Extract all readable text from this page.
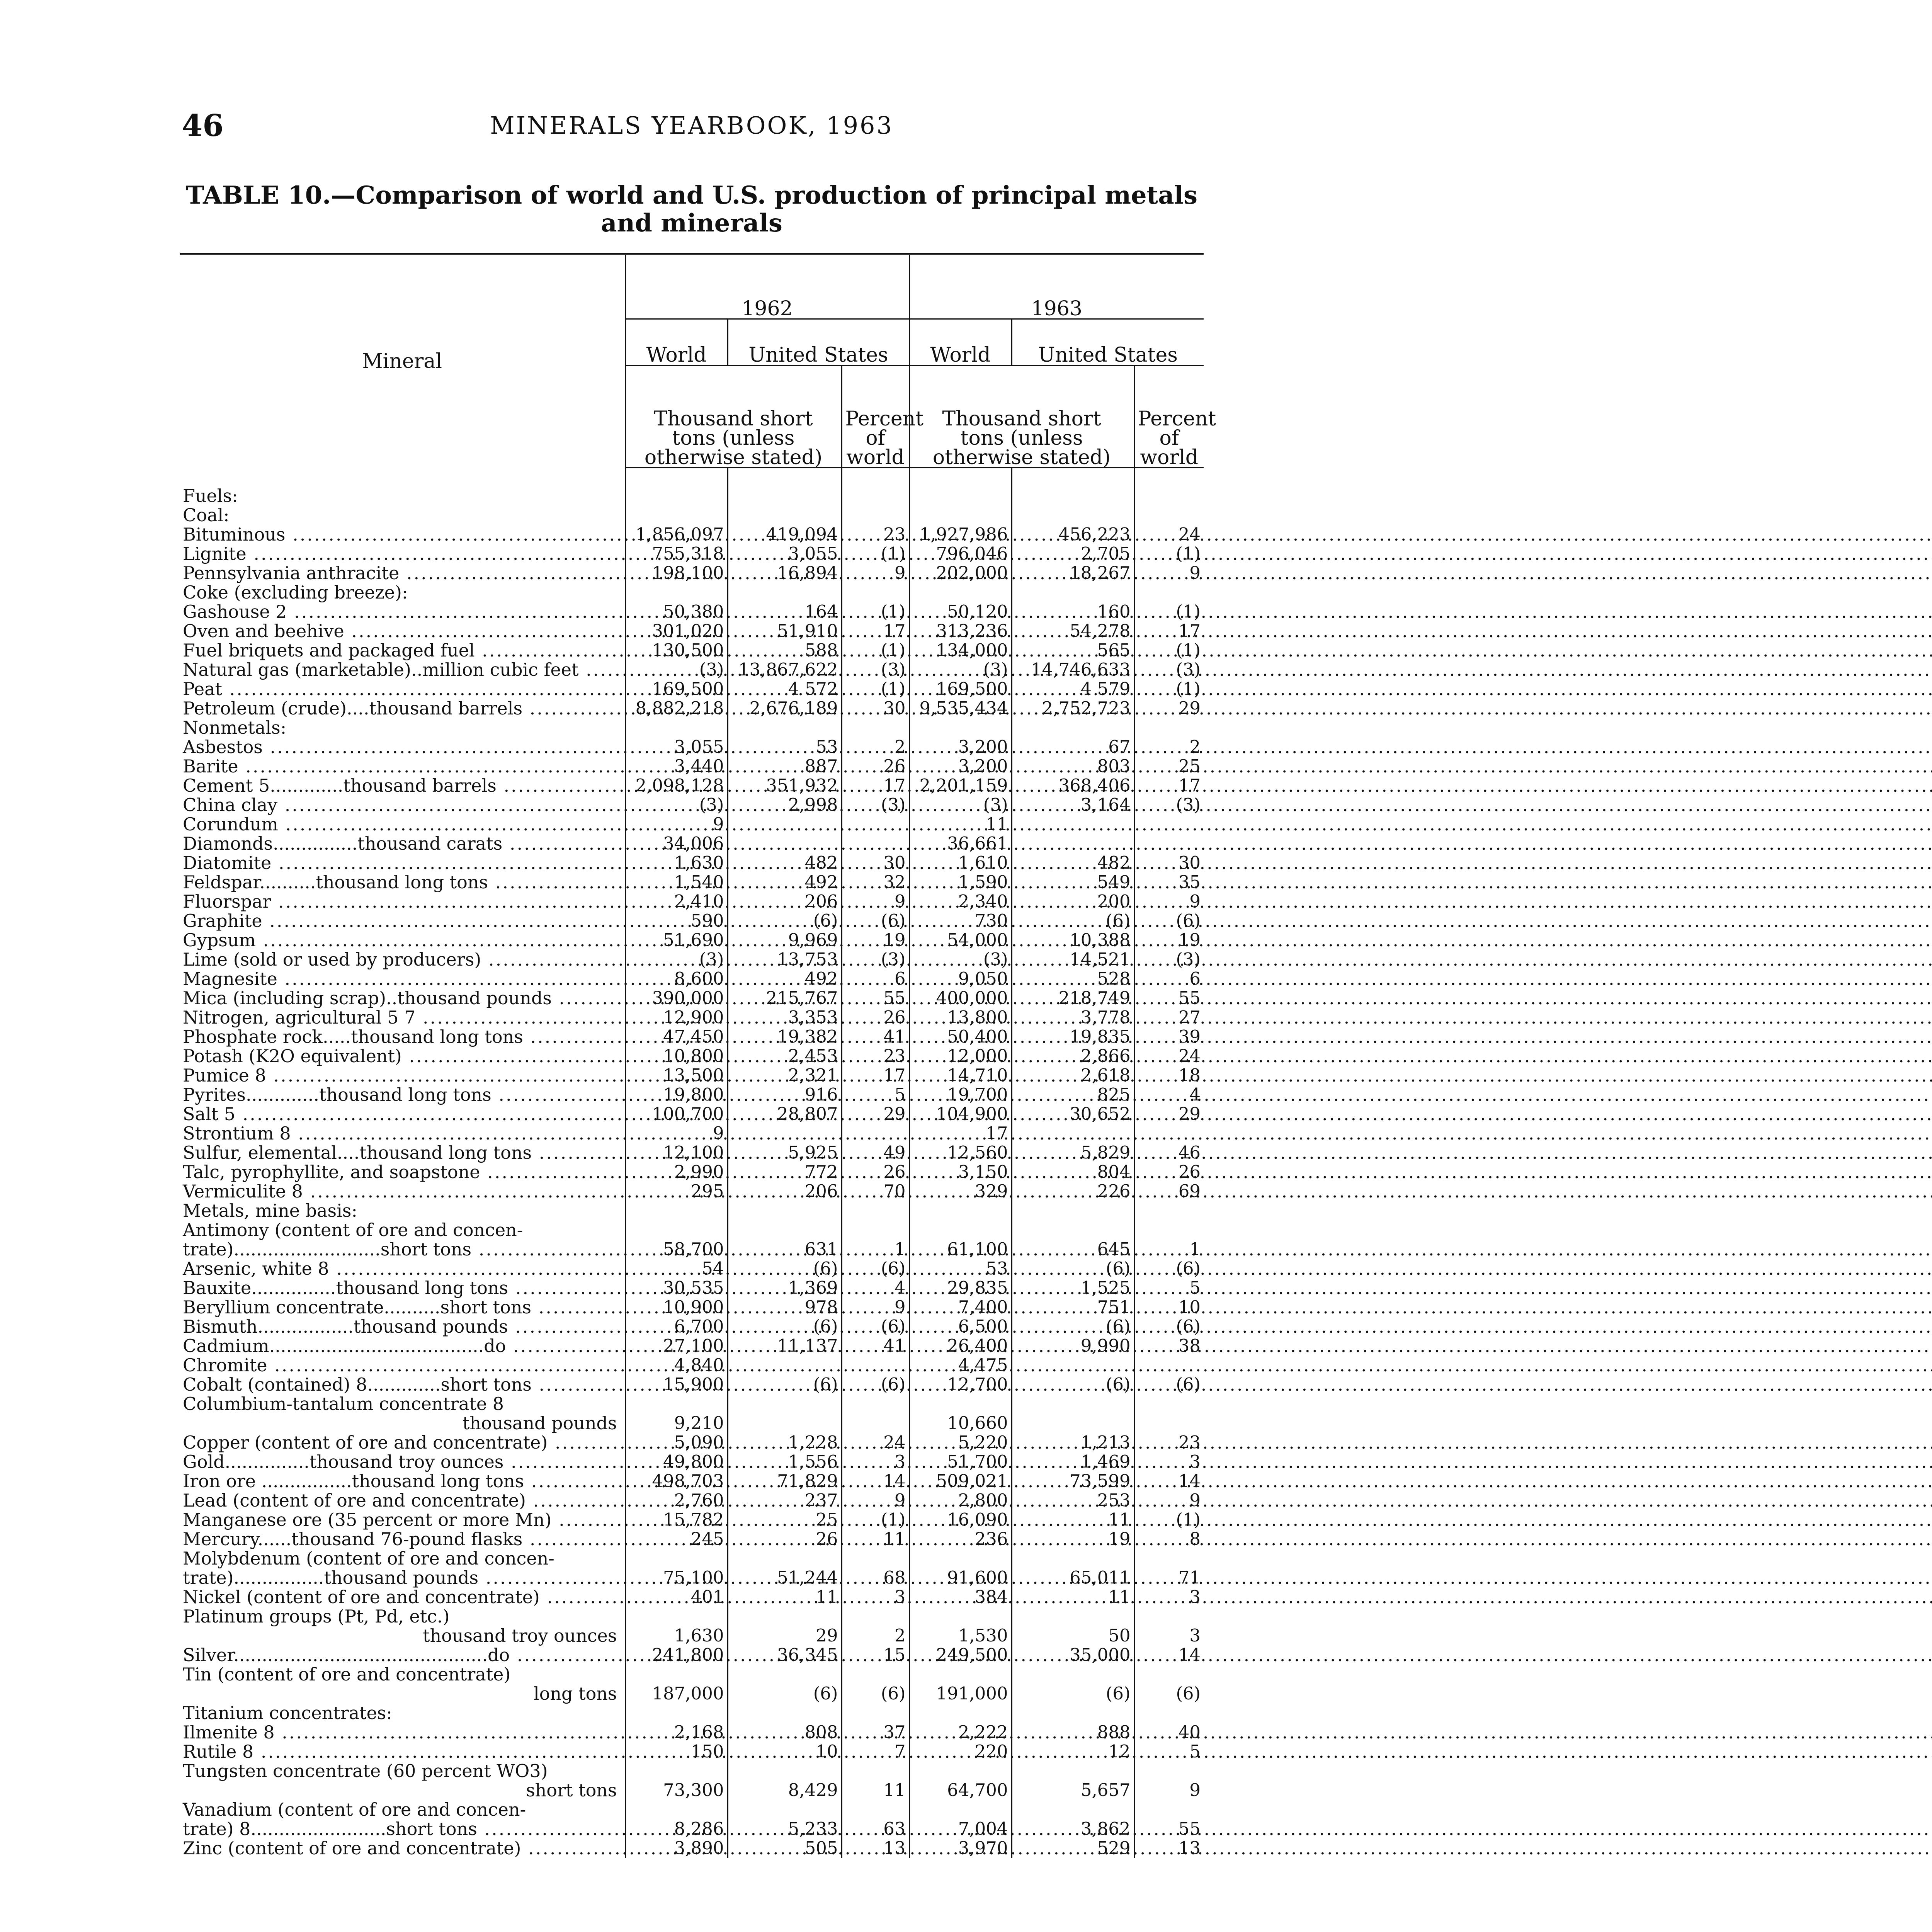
46	MINERALS YEARBOOK, 1963
TABLE 10.—Comparison of world and U.S. production of principal metals and minerals
Mineral	1962			1963		
	World	United States		World	United States	
	Thousand short tons (unless otherwise stated)		Percent of world	Thousand short tons (unless otherwise stated)		Percent of world

Fuels:						
Coal:						
Bituminous .....	1,856,097	419,094	23	1,927,986	456,223	24
Lignite .....	755,318	3,055	(1)	796,046	2,705	(1)
Pennsylvania anthracite .....	198,100	16,894	9	202,000	18,267	9
Coke (excluding breeze):						
Gashouse 2 .....	50,380	164	(1)	50,120	160	(1)
Oven and beehive .....	301,020	51,910	17	313,236	54,278	17
Fuel briquets and packaged fuel .....	130,500	588	(1)	134,000	565	(1)
Natural gas (marketable)..million cubic feet .....	(3)	13,867,622	(3)	(3)	14,746,633	(3)
Peat .....	169,500	4 572	(1)	169,500	4 579	(1)
Petroleum (crude)....thousand barrels .....	8,882,218	2,676,189	30	9,535,434	2,752,723	29
Nonmetals:						
Asbestos .....	3,055	53	2	3,200	67	2
Barite .....	3,440	887	26	3,200	803	25
Cement 5.............thousand barrels .....	2,098,128	351,932	17	2,201,159	368,406	17
China clay .....	(3)	2,998	(3)	(3)	3,164	(3)
Corundum .....	9			11		
Diamonds...............thousand carats .....	34,006			36,661		
Diatomite .....	1,630	482	30	1,610	482	30
Feldspar..........thousand long tons .....	1,540	492	32	1,590	549	35
Fluorspar .....	2,410	206	9	2,340	200	9
Graphite .....	590	(6)	(6)	730	(6)	(6)
Gypsum .....	51,690	9,969	19	54,000	10,388	19
Lime (sold or used by producers) .....	(3)	13,753	(3)	(3)	14,521	(3)
Magnesite .....	8,600	492	6	9,050	528	6
Mica (including scrap)..thousand pounds .....	390,000	215,767	55	400,000	218,749	55
Nitrogen, agricultural 5 7 .....	12,900	3,353	26	13,800	3,778	27
Phosphate rock.....thousand long tons .....	47,450	19,382	41	50,400	19,835	39
Potash (K2O equivalent) .....	10,800	2,453	23	12,000	2,866	24
Pumice 8 .....	13,500	2,321	17	14,710	2,618	18
Pyrites.............thousand long tons .....	19,800	916	5	19,700	825	4
Salt 5 .....	100,700	28,807	29	104,900	30,652	29
Strontium 8 .....	9			17		
Sulfur, elemental....thousand long tons .....	12,100	5,925	49	12,560	5,829	46
Talc, pyrophyllite, and soapstone .....	2,990	772	26	3,150	804	26
Vermiculite 8 .....	295	206	70	329	226	69
Metals, mine basis:						
Antimony (content of ore and concen-						
trate)..........................short tons .....	58,700	631	1	61,100	645	1
Arsenic, white 8 .....	54	(6)	(6)	53	(6)	(6)
Bauxite...............thousand long tons .....	30,535	1,369	4	29,835	1,525	5
Beryllium concentrate..........short tons .....	10,900	978	9	7,400	751	10
Bismuth.................thousand pounds .....	6,700	(6)	(6)	6,500	(6)	(6)
Cadmium......................................do .....	27,100	11,137	41	26,400	9,990	38
Chromite .....	4,840			4,475		
Cobalt (contained) 8.............short tons .....	15,900	(6)	(6)	12,700	(6)	(6)
Columbium-tantalum concentrate 8						
thousand pounds	9,210			10,660		
Copper (content of ore and concentrate) .....	5,090	1,228	24	5,220	1,213	23
Gold...............thousand troy ounces .....	49,800	1,556	3	51,700	1,469	3
Iron ore ................thousand long tons .....	498,703	71,829	14	509,021	73,599	14
Lead (content of ore and concentrate) .....	2,760	237	9	2,800	253	9
Manganese ore (35 percent or more Mn) .....	15,782	25	(1)	16,090	11	(1)
Mercury......thousand 76-pound flasks .....	245	26	11	236	19	8
Molybdenum (content of ore and concen-						
trate)................thousand pounds .....	75,100	51,244	68	91,600	65,011	71
Nickel (content of ore and concentrate) .....	401	11	3	384	11	3
Platinum groups (Pt, Pd, etc.)						
thousand troy ounces	1,630	29	2	1,530	50	3
Silver.............................................do .....	241,800	36,345	15	249,500	35,000	14
Tin (content of ore and concentrate)						
long tons	187,000	(6)	(6)	191,000	(6)	(6)
Titanium concentrates:						
Ilmenite 8 .....	2,168	808	37	2,222	888	40
Rutile 8 .....	150	10	7	220	12	5
Tungsten concentrate (60 percent WO3)						
short tons	73,300	8,429	11	64,700	5,657	9
Vanadium (content of ore and concen-						
trate) 8........................short tons .....	8,286	5,233	63	7,004	3,862	55
Zinc (content of ore and concentrate) .....	3,890	505	13	3,970	529	13
